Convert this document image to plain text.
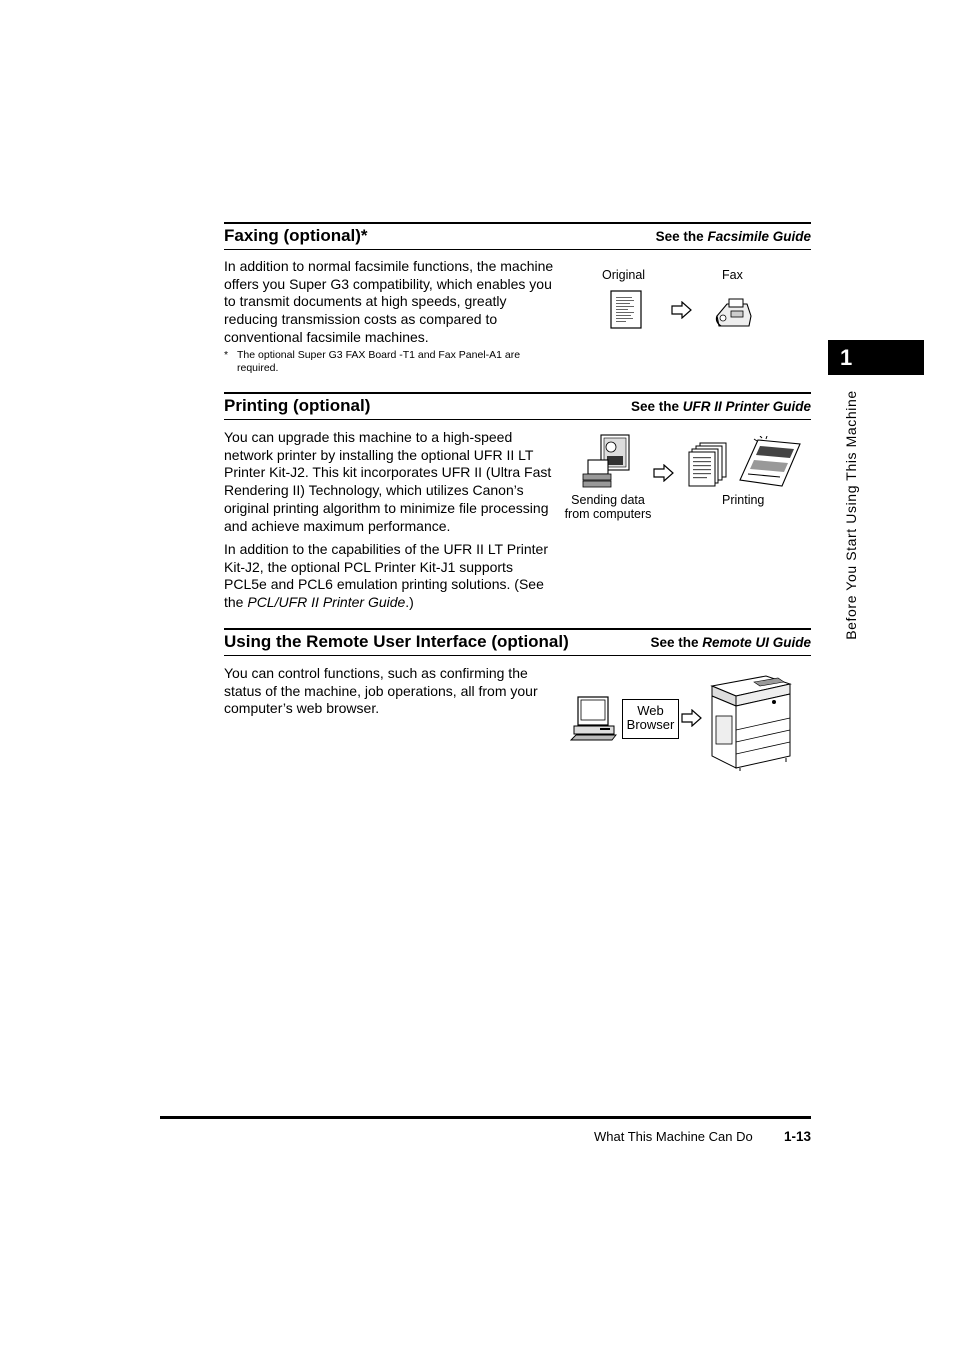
Faxing (optional)*	See the Facsimile Guide

In addition to normal facsimile functions, the machine offers you Super G3 compatibility, which enables you to transmit documents at high speeds, greatly reducing transmission costs as compared to conventional facsimile machines.

* The optional Super G3 FAX Board -T1 and Fax Panel-A1 are required.
Original	Fax
Printing (optional)	See the UFR II Printer Guide

You can upgrade this machine to a high-speed network printer by installing the optional UFR II LT Printer Kit-J2. This kit incorporates UFR II (Ultra Fast Rendering II) Technology, which utilizes Canon’s original printing algorithm to minimize file processing and achieve maximum performance.

In addition to the capabilities of the UFR II LT Printer Kit-J2, the optional PCL Printer Kit-J1 supports PCL5e and PCL6 emulation printing solutions. (See the PCL/UFR II Printer Guide.)

Sending data
from computers
Printing
Using the Remote User Interface (optional)	See the Remote UI Guide

You can control functions, such as confirming the status of the machine, job operations, all from your computer’s web browser.	Web
Browser
1
Before You Start Using This Machine
What This Machine Can Do 1-13
